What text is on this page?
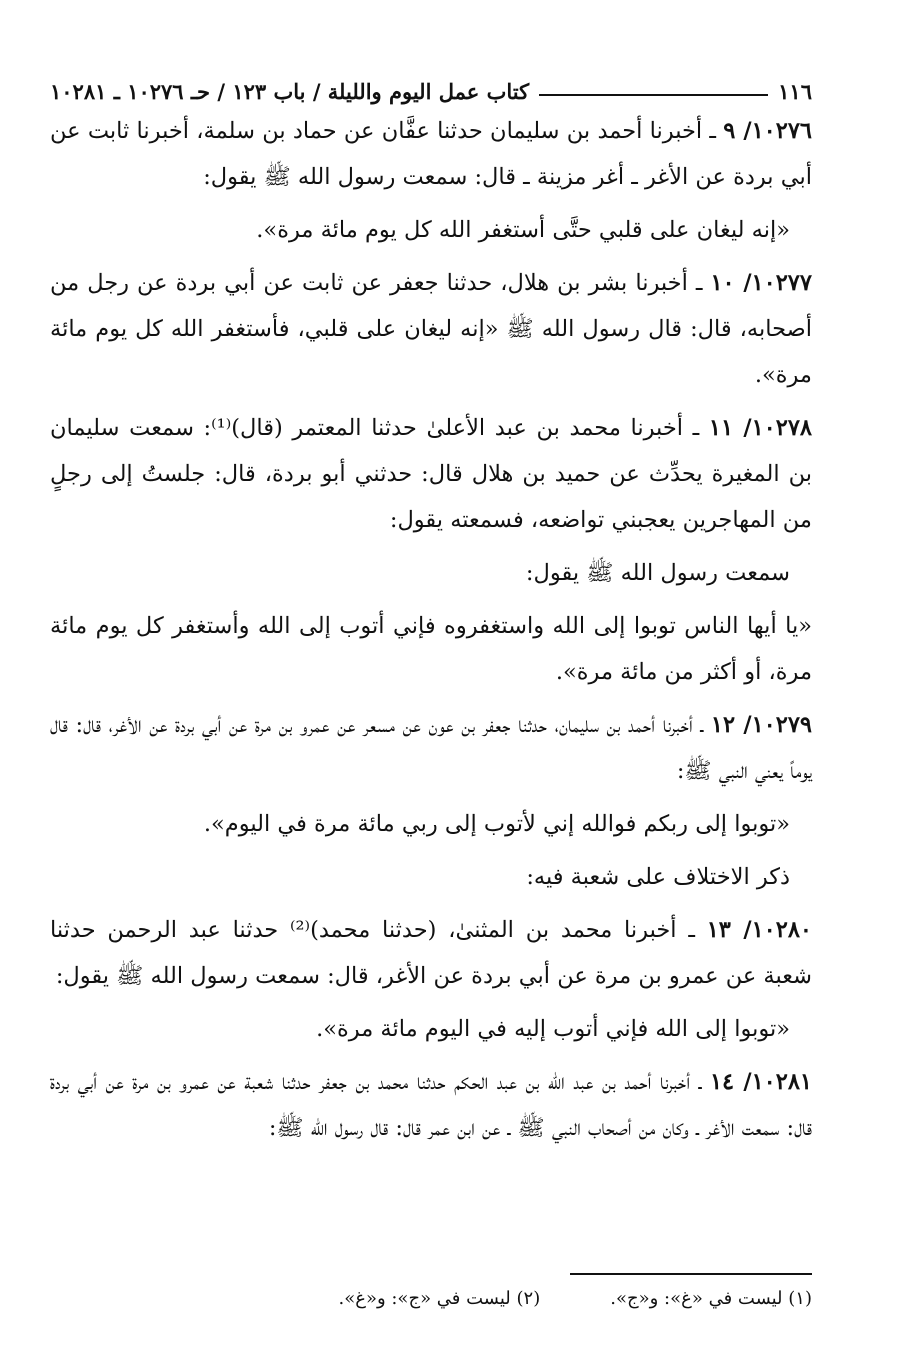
١١٦
كتاب عمل اليوم والليلة / باب ١٢٣ / حـ ١٠٢٧٦ ـ ١٠٢٨١

١٠٢٧٦/ ٩ ـ أخبرنا أحمد بن سليمان حدثنا عفَّان عن حماد بن سلمة، أخبرنا ثابت عن أبي بردة عن الأغر ـ أغر مزينة ـ قال: سمعت رسول الله ﷺ يقول:

«إنه ليغان على قلبي حتَّى أستغفر الله كل يوم مائة مرة».

١٠٢٧٧/ ١٠ ـ أخبرنا بشر بن هلال، حدثنا جعفر عن ثابت عن أبي بردة عن رجل من أصحابه، قال: قال رسول الله ﷺ «إنه ليغان على قلبي، فأستغفر الله كل يوم مائة مرة».

١٠٢٧٨/ ١١ ـ أخبرنا محمد بن عبد الأعلىٰ حدثنا المعتمر (قال)⁽¹⁾: سمعت سليمان بن المغيرة يحدِّث عن حميد بن هلال قال: حدثني أبو بردة، قال: جلستُ إلى رجلٍ من المهاجرين يعجبني تواضعه، فسمعته يقول:

سمعت رسول الله ﷺ يقول:

«يا أيها الناس توبوا إلى الله واستغفروه فإني أتوب إلى الله وأستغفر كل يوم مائة مرة، أو أكثر من مائة مرة».

١٠٢٧٩/ ١٢ ـ أخبرنا أحمد بن سليمان، حدثنا جعفر بن عون عن مسعر عن عمرو بن مرة عن أبي بردة عن الأغر، قال: قال يوماً يعني النبي ﷺ:

«توبوا إلى ربكم فوالله إني لأتوب إلى ربي مائة مرة في اليوم».

ذكر الاختلاف على شعبة فيه:

١٠٢٨٠/ ١٣ ـ أخبرنا محمد بن المثنىٰ، (حدثنا محمد)⁽²⁾ حدثنا عبد الرحمن حدثنا شعبة عن عمرو بن مرة عن أبي بردة عن الأغر، قال: سمعت رسول الله ﷺ يقول:

«توبوا إلى الله فإني أتوب إليه في اليوم مائة مرة».

١٠٢٨١/ ١٤ ـ أخبرنا أحمد بن عبد الله بن عبد الحكم حدثنا محمد بن جعفر حدثنا شعبة عن عمرو بن مرة عن أبي بردة قال: سمعت الأغر ـ وكان من أصحاب النبي ﷺ ـ عن ابن عمر قال: قال رسول الله ﷺ:

(١) ليست في «غ»: و«ج».
(٢) ليست في «ج»: و«غ».
